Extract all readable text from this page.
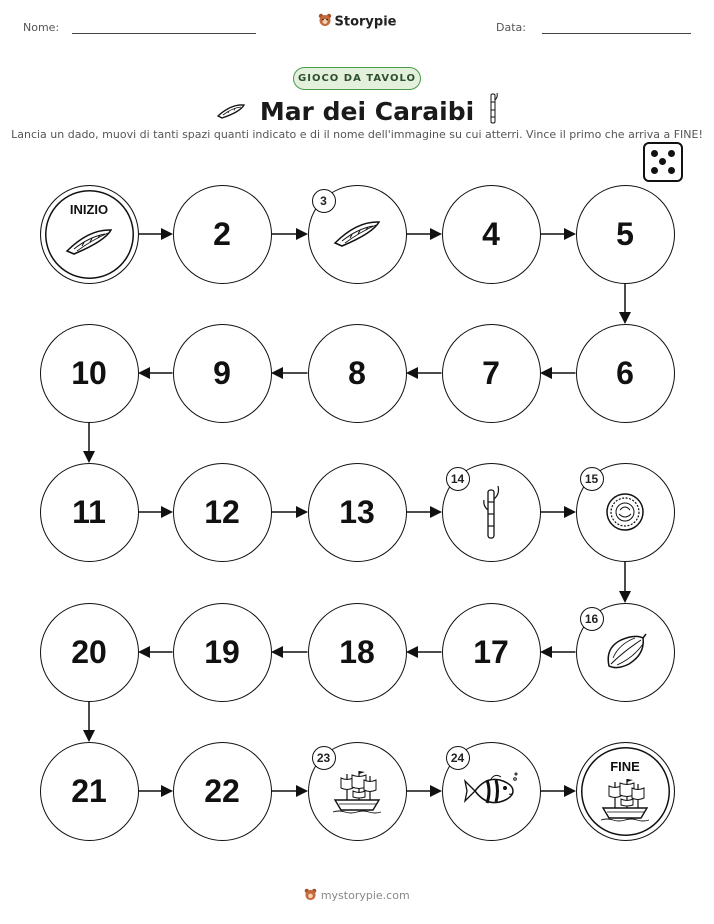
Nome:	Storypie	Data:
GIOCO DA TAVOLO
Mar dei Caraibi
Lancia un dado, muovi di tanti spazi quanti indicato e di il nome dell'immagine su cui atterri. Vince il primo che arriva a FINE!
INIZIO
2
3
4	5
6
7
8
9
10
11	12	13
14	15
16
17
18
19
20
21	22
23	24
FINE
mystorypie.com
